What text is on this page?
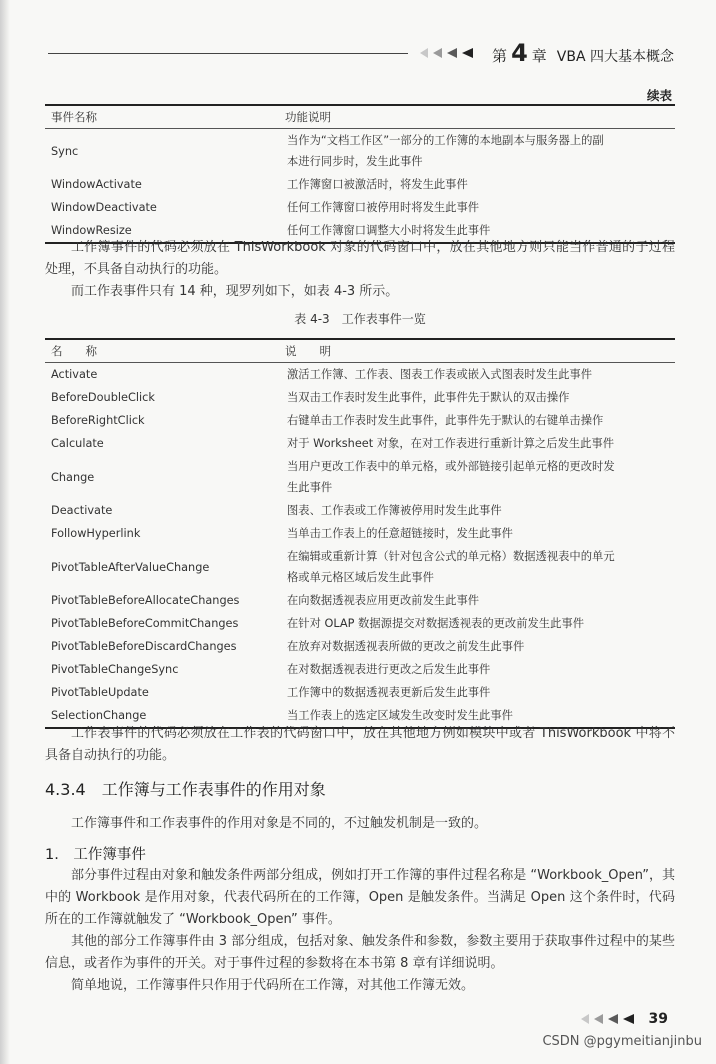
第 4 章 VBA 四大基本概念
续表
事件名称	功能说明
Sync	当作为“文档工作区”一部分的工作簿的本地副本与服务器上的副
本进行同步时，发生此事件

WindowActivate	工作簿窗口被激活时，将发生此事件

WindowDeactivate	任何工作簿窗口被停用时将发生此事件

WindowResize	任何工作簿窗口调整大小时将发生此事件
工作簿事件的代码必须放在 ThisWorkbook 对象的代码窗口中，放在其他地方则只能当作普通的子过程处理，不具备自动执行的功能。
而工作表事件只有 14 种，现罗列如下，如表 4-3 所示。
表 4-3　工作表事件一览
名　　称	说　　明
Activate	激活工作簿、工作表、图表工作表或嵌入式图表时发生此事件

BeforeDoubleClick	当双击工作表时发生此事件，此事件先于默认的双击操作

BeforeRightClick	右键单击工作表时发生此事件，此事件先于默认的右键单击操作

Calculate	对于 Worksheet 对象，在对工作表进行重新计算之后发生此事件

Change	当用户更改工作表中的单元格，或外部链接引起单元格的更改时发
生此事件

Deactivate	图表、工作表或工作簿被停用时发生此事件

FollowHyperlink	当单击工作表上的任意超链接时，发生此事件

PivotTableAfterValueChange	在编辑或重新计算（针对包含公式的单元格）数据透视表中的单元
格或单元格区域后发生此事件

PivotTableBeforeAllocateChanges	在向数据透视表应用更改前发生此事件

PivotTableBeforeCommitChanges	在针对 OLAP 数据源提交对数据透视表的更改前发生此事件

PivotTableBeforeDiscardChanges	在放弃对数据透视表所做的更改之前发生此事件

PivotTableChangeSync	在对数据透视表进行更改之后发生此事件

PivotTableUpdate	工作簿中的数据透视表更新后发生此事件

SelectionChange	当工作表上的选定区域发生改变时发生此事件
工作表事件的代码必须放在工作表的代码窗口中，放在其他地方例如模块中或者 ThisWorkbook 中将不具备自动执行的功能。
4.3.4　工作簿与工作表事件的作用对象
工作簿事件和工作表事件的作用对象是不同的，不过触发机制是一致的。
1.　工作簿事件
部分事件过程由对象和触发条件两部分组成，例如打开工作簿的事件过程名称是 “Workbook_Open”，其中的 Workbook 是作用对象，代表代码所在的工作簿，Open 是触发条件。当满足 Open 这个条件时，代码所在的工作簿就触发了 “Workbook_Open” 事件。
其他的部分工作簿事件由 3 部分组成，包括对象、触发条件和参数，参数主要用于获取事件过程中的某些信息，或者作为事件的开关。对于事件过程的参数将在本书第 8 章有详细说明。
简单地说，工作簿事件只作用于代码所在工作簿，对其他工作簿无效。
39
CSDN @pgymeitianjinbu
